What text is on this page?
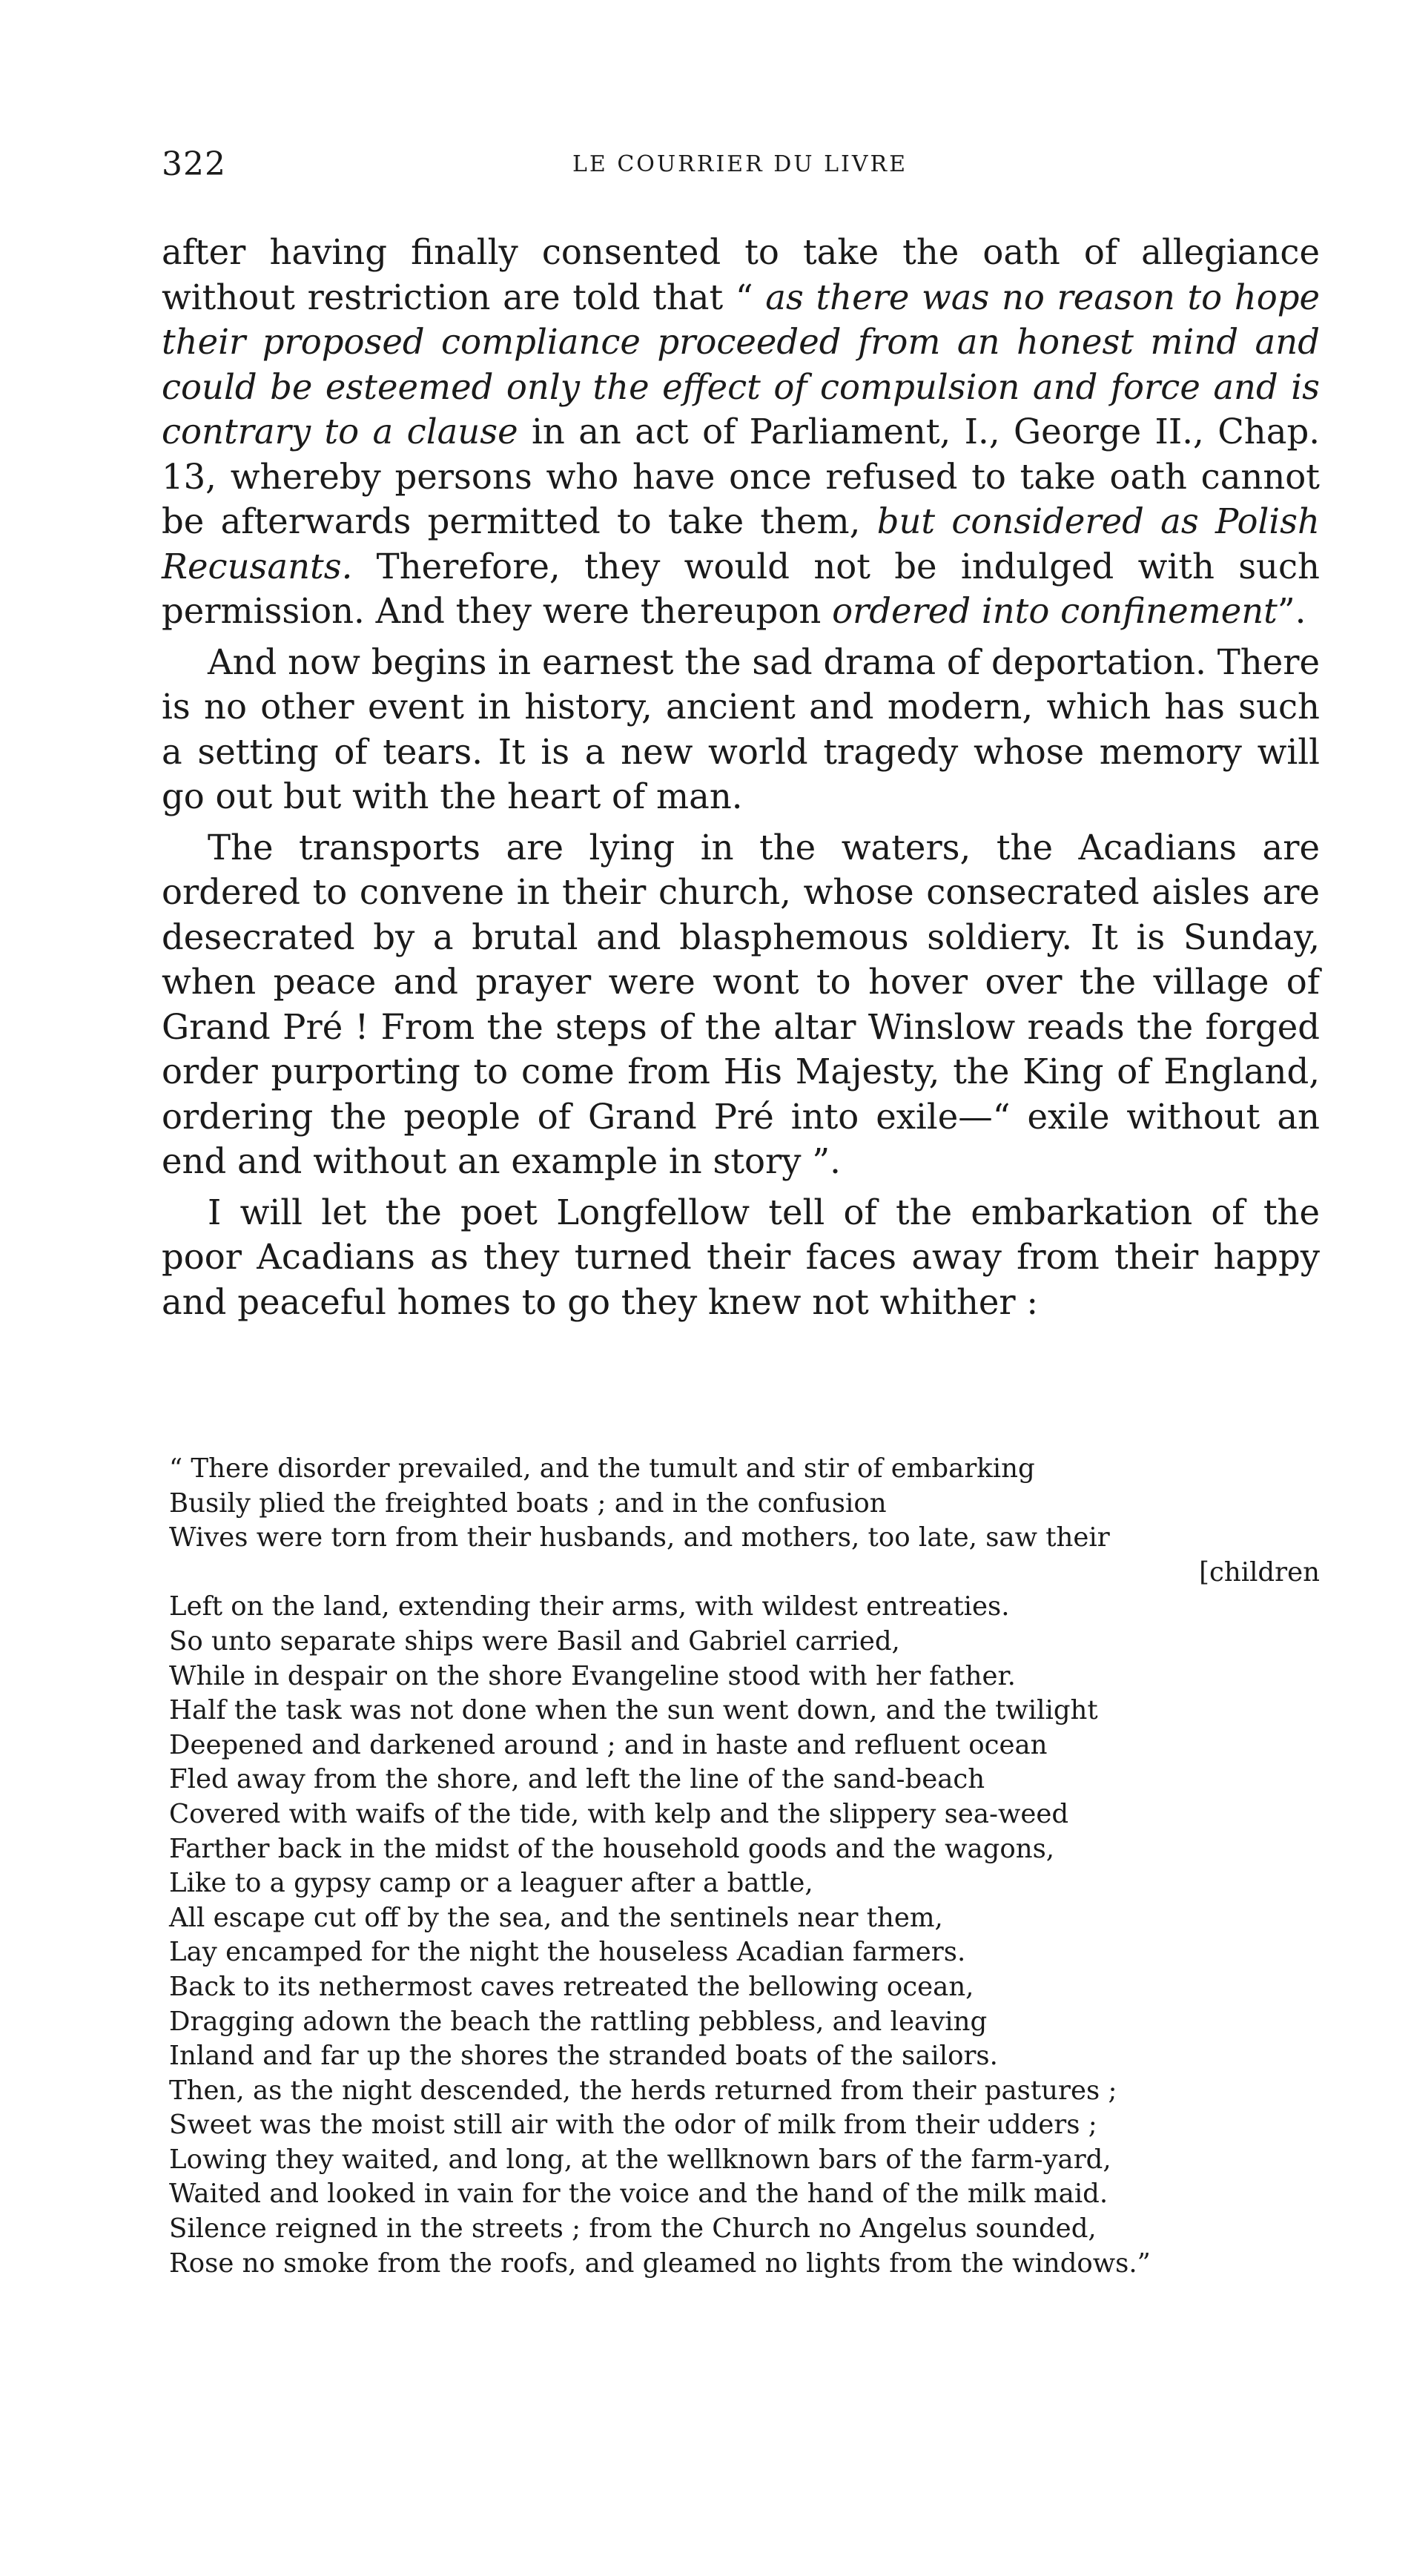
322	LE COURRIER DU LIVRE

after having finally consented to take the oath of allegiance without restriction are told that “ as there was no reason to hope their proposed compliance proceeded from an honest mind and could be esteemed only the effect of compulsion and force and is contrary to a clause in an act of Parliament, I., George II., Chap. 13, whereby persons who have once refused to take oath cannot be afterwards permitted to take them, but considered as Polish Recusants. Therefore, they would not be indulged with such permission. And they were thereupon ordered into confinement”.

And now begins in earnest the sad drama of deportation. There is no other event in history, ancient and modern, which has such a setting of tears. It is a new world tragedy whose memory will go out but with the heart of man.

The transports are lying in the waters, the Acadians are ordered to convene in their church, whose consecrated aisles are desecrated by a brutal and blasphemous soldiery. It is Sunday, when peace and prayer were wont to hover over the village of Grand Pré ! From the steps of the altar Winslow reads the forged order purporting to come from His Majesty, the King of England, ordering the people of Grand Pré into exile—“ exile without an end and without an example in story ”.

I will let the poet Longfellow tell of the embarkation of the poor Acadians as they turned their faces away from their happy and peaceful homes to go they knew not whither :

“ There disorder prevailed, and the tumult and stir of embarking
Busily plied the freighted boats ; and in the confusion
Wives were torn from their husbands, and mothers, too late, saw their
[children
Left on the land, extending their arms, with wildest entreaties.
So unto separate ships were Basil and Gabriel carried,
While in despair on the shore Evangeline stood with her father.
Half the task was not done when the sun went down, and the twilight
Deepened and darkened around ; and in haste and refluent ocean
Fled away from the shore, and left the line of the sand-beach
Covered with waifs of the tide, with kelp and the slippery sea-weed
Farther back in the midst of the household goods and the wagons,
Like to a gypsy camp or a leaguer after a battle,
All escape cut off by the sea, and the sentinels near them,
Lay encamped for the night the houseless Acadian farmers.
Back to its nethermost caves retreated the bellowing ocean,
Dragging adown the beach the rattling pebbless, and leaving
Inland and far up the shores the stranded boats of the sailors.
Then, as the night descended, the herds returned from their pastures ;
Sweet was the moist still air with the odor of milk from their udders ;
Lowing they waited, and long, at the wellknown bars of the farm-yard,
Waited and looked in vain for the voice and the hand of the milk maid.
Silence reigned in the streets ; from the Church no Angelus sounded,
Rose no smoke from the roofs, and gleamed no lights from the windows.”
